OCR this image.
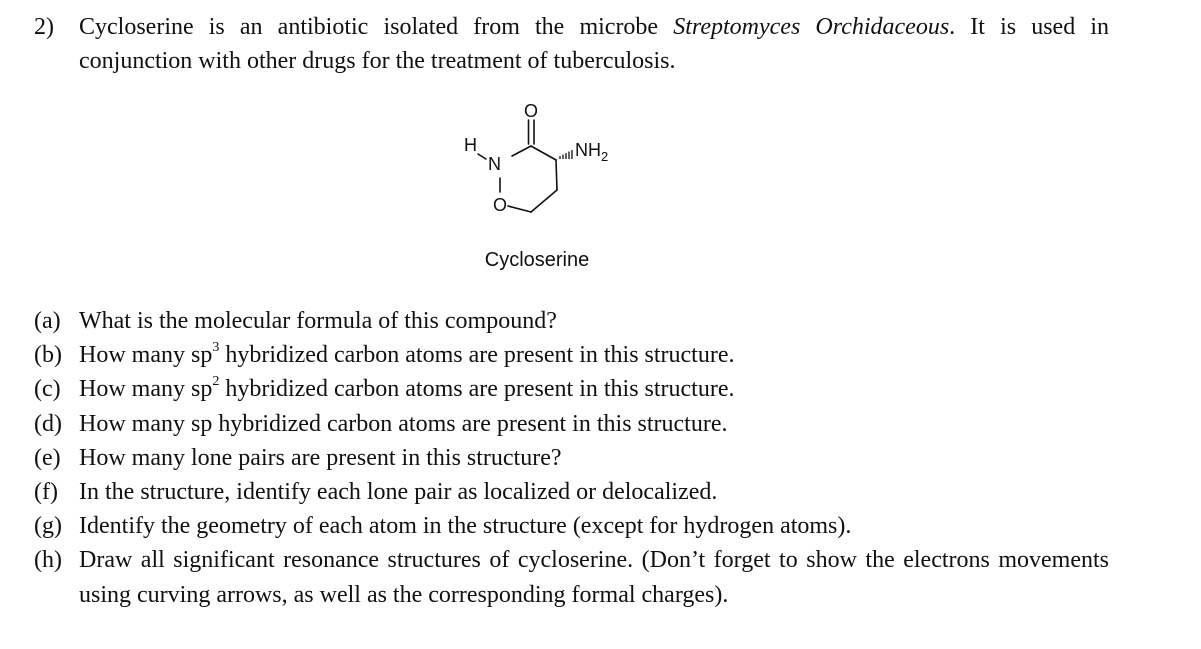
2)	Cycloserine is an antibiotic isolated from the microbe Streptomyces Orchidaceous. It is used in conjunction with other drugs for the treatment of tuberculosis.
O
H
N
O
$NH_2$
Cycloserine
(a) What is the molecular formula of this compound?
(b) How many $sp^3$ hybridized carbon atoms are present in this structure.
(c) How many $sp^2$ hybridized carbon atoms are present in this structure.
(d) How many sp hybridized carbon atoms are present in this structure.
(e) How many lone pairs are present in this structure?
(f) In the structure, identify each lone pair as localized or delocalized.
(g) Identify the geometry of each atom in the structure (except for hydrogen atoms).
(h) Draw all significant resonance structures of cycloserine. (Don’t forget to show the electrons movements using curving arrows, as well as the corresponding formal charges).
